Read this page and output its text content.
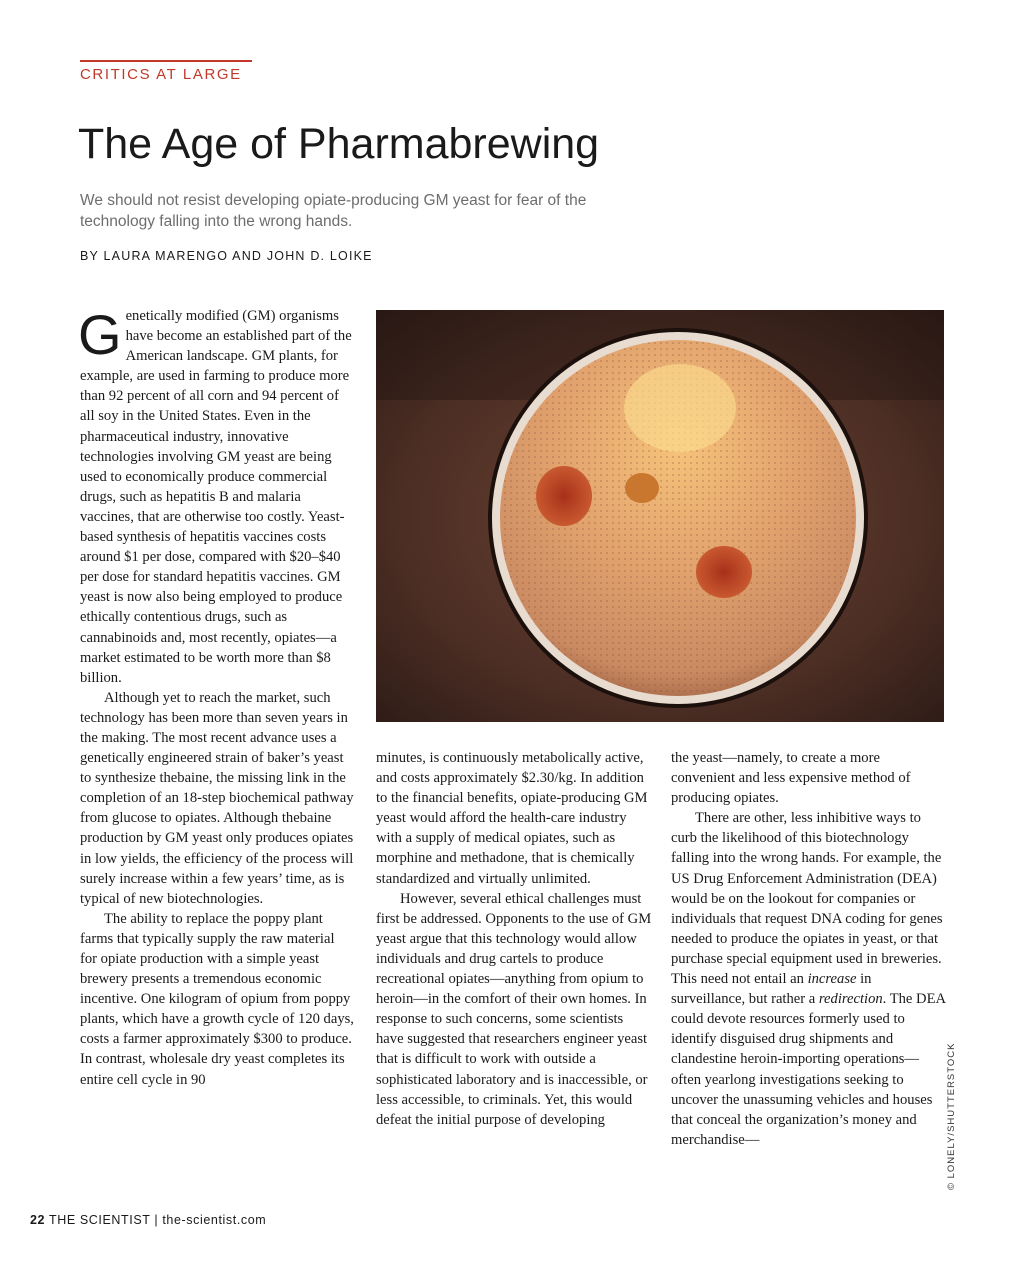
CRITICS AT LARGE
The Age of Pharmabrewing
We should not resist developing opiate-producing GM yeast for fear of the technology falling into the wrong hands.
BY LAURA MARENGO AND JOHN D. LOIKE

Genetically modified (GM) organisms have become an established part of the American landscape. GM plants, for example, are used in farming to produce more than 92 percent of all corn and 94 percent of all soy in the United States. Even in the pharmaceutical industry, innovative technologies involving GM yeast are being used to economically produce commercial drugs, such as hepatitis B and malaria vaccines, that are otherwise too costly. Yeast-based synthesis of hepatitis vaccines costs around $1 per dose, compared with $20–$40 per dose for standard hepatitis vaccines. GM yeast is now also being employed to produce ethically contentious drugs, such as cannabinoids and, most recently, opiates—a market estimated to be worth more than $8 billion.

Although yet to reach the market, such technology has been more than seven years in the making. The most recent advance uses a genetically engineered strain of baker’s yeast to synthesize thebaine, the missing link in the completion of an 18-step biochemical pathway from glucose to opiates. Although thebaine production by GM yeast only produces opiates in low yields, the efficiency of the process will surely increase within a few years’ time, as is typical of new biotechnologies.

The ability to replace the poppy plant farms that typically supply the raw material for opiate production with a simple yeast brewery presents a tremendous economic incentive. One kilogram of opium from poppy plants, which have a growth cycle of 120 days, costs a farmer approximately $300 to produce. In contrast, wholesale dry yeast completes its entire cell cycle in 90

minutes, is continuously metabolically active, and costs approximately $2.30/kg. In addition to the financial benefits, opiate-producing GM yeast would afford the health-care industry with a supply of medical opiates, such as morphine and methadone, that is chemically standardized and virtually unlimited.

However, several ethical challenges must first be addressed. Opponents to the use of GM yeast argue that this technology would allow individuals and drug cartels to produce recreational opiates—anything from opium to heroin—in the comfort of their own homes. In response to such concerns, some scientists have suggested that researchers engineer yeast that is difficult to work with outside a sophisticated laboratory and is inaccessible, or less accessible, to criminals. Yet, this would defeat the initial purpose of developing

the yeast—namely, to create a more convenient and less expensive method of producing opiates.

There are other, less inhibitive ways to curb the likelihood of this biotechnology falling into the wrong hands. For example, the US Drug Enforcement Administration (DEA) would be on the lookout for companies or individuals that request DNA coding for genes needed to produce the opiates in yeast, or that purchase special equipment used in breweries. This need not entail an increase in surveillance, but rather a redirection. The DEA could devote resources formerly used to identify disguised drug shipments and clandestine heroin-importing operations—often yearlong investigations seeking to uncover the unassuming vehicles and houses that conceal the organization’s money and merchandise—	© LONELY/SHUTTERSTOCK
22 THE SCIENTIST | the-scientist.com
